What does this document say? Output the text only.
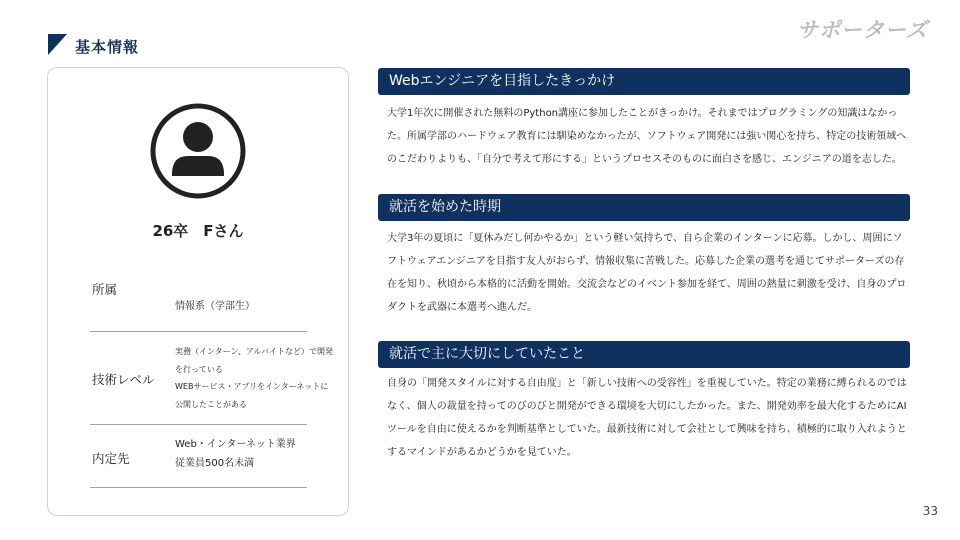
基本情報
サポーターズ
26卒　Fさん
所属
情報系（学部生）
技術レベル
実務（インターン、アルバイトなど）で開発
を行っている
WEBサービス・アプリをインターネットに
公開したことがある
内定先
Web・インターネット業界
従業員500名未満
Webエンジニアを目指したきっかけ
大学1年次に開催された無料のPython講座に参加したことがきっかけ。それまではプログラミングの知識はなかった。所属学部のハードウェア教育には馴染めなかったが、ソフトウェア開発には強い関心を持ち、特定の技術領域へのこだわりよりも、「自分で考えて形にする」というプロセスそのものに面白さを感じ、エンジニアの道を志した。
就活を始めた時期
大学3年の夏頃に「夏休みだし何かやるか」という軽い気持ちで、自ら企業のインターンに応募。しかし、周囲にソフトウェアエンジニアを目指す友人がおらず、情報収集に苦戦した。応募した企業の選考を通じてサポーターズの存在を知り、秋頃から本格的に活動を開始。交流会などのイベント参加を経て、周囲の熱量に刺激を受け、自身のプロダクトを武器に本選考へ進んだ。
就活で主に大切にしていたこと
自身の「開発スタイルに対する自由度」と「新しい技術への受容性」を重視していた。特定の業務に縛られるのではなく、個人の裁量を持ってのびのびと開発ができる環境を大切にしたかった。また、開発効率を最大化するためにAIツールを自由に使えるかを判断基準としていた。最新技術に対して会社として興味を持ち、積極的に取り入れようとするマインドがあるかどうかを見ていた。
33
